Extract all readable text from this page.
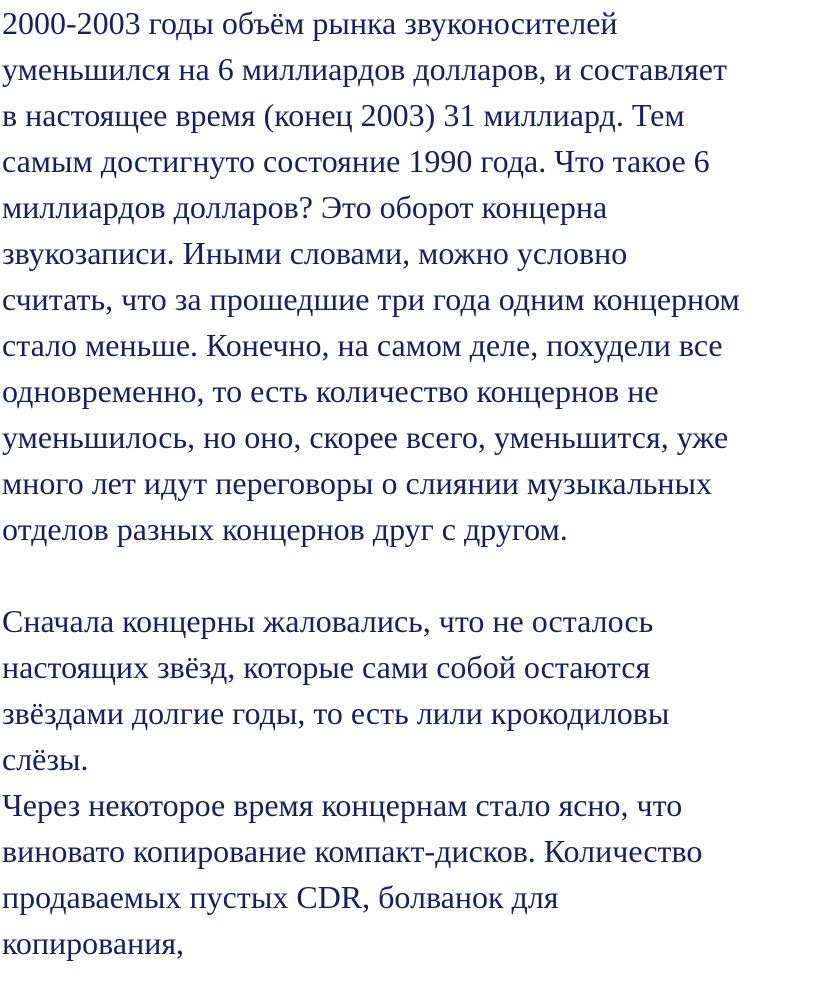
2000-2003 годы объём рынка звуконосителей
уменьшился на 6 миллиардов долларов, и составляет
в настоящее время (конец 2003) 31 миллиард. Тем
самым достигнуто состояние 1990 года. Что такое 6
миллиардов долларов? Это оборот концерна
звукозаписи. Иными словами, можно условно
считать, что за прошедшие три года одним концерном
стало меньше. Конечно, на самом деле, похудели все
одновременно, то есть количество концернов не
уменьшилось, но оно, скорее всего, уменьшится, уже
много лет идут переговоры о слиянии музыкальных
отделов разных концернов друг с другом.
Сначала концерны жаловались, что не осталось
настоящих звёзд, которые сами собой остаются
звёздами долгие годы, то есть лили крокодиловы
слёзы.
Через некоторое время концернам стало ясно, что
виновато копирование компакт-дисков. Количество
продаваемых пустых CDR, болванок для
копирования,
